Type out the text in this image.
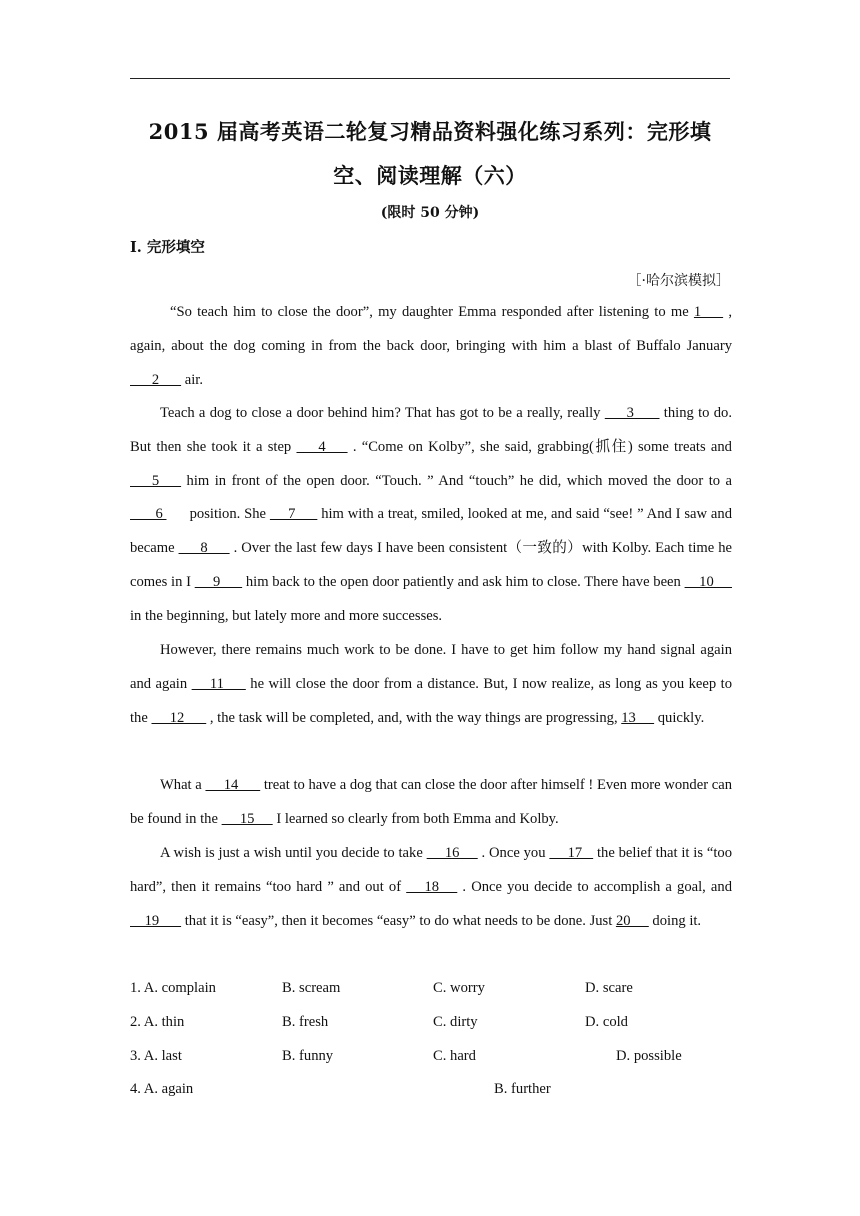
2015 届高考英语二轮复习精品资料强化练习系列：完形填
空、阅读理解（六）
(限时 50 分钟)
Ⅰ. 完形填空
［·哈尔滨模拟］
“So teach him to close the door”, my daughter Emma responded after listening to me 1       , again, about the dog coming in from the back door, bringing with him a blast of Buffalo January       2       air.
Teach a dog to close a door behind him? That has got to be a really, really       3        thing to do. But then she took it a step       4       . “Come on Kolby”, she said, grabbing(抓住) some treats and       5       him in front of the open door. “Touch. ” And “touch” he did, which moved the door to a        6       position. She      7       him with a treat, smiled, looked at me, and said “see! ” And I saw and became       8       . Over the last few days I have been consistent（一致的）with Kolby. Each time he comes in I      9       him back to the open door patiently and ask him to close. There have been     10      in the beginning, but lately more and more successes.
However, there remains much work to be done. I have to get him follow my hand signal again and again      11       he will close the door from a distance. But, I now realize, as long as you keep to the      12       , the task will be completed, and, with the way things are progressing, 13      quickly.
What a      14       treat to have a dog that can close the door after himself ! Even more wonder can be found in the      15      I learned so clearly from both Emma and Kolby.
A wish is just a wish until you decide to take      16      . Once you      17    the belief that it is “too hard”, then it remains “too hard ” and out of      18      . Once you decide to accomplish a goal, and     19       that it is “easy”, then it becomes “easy” to do what needs to be done. Just 20      doing it.
1. A. complain	B. scream	C. worry	D. scare
2. A. thin	B. fresh	C. dirty	D. cold
3. A. last	B. funny	C. hard	D. possible
4. A. again	B. further
